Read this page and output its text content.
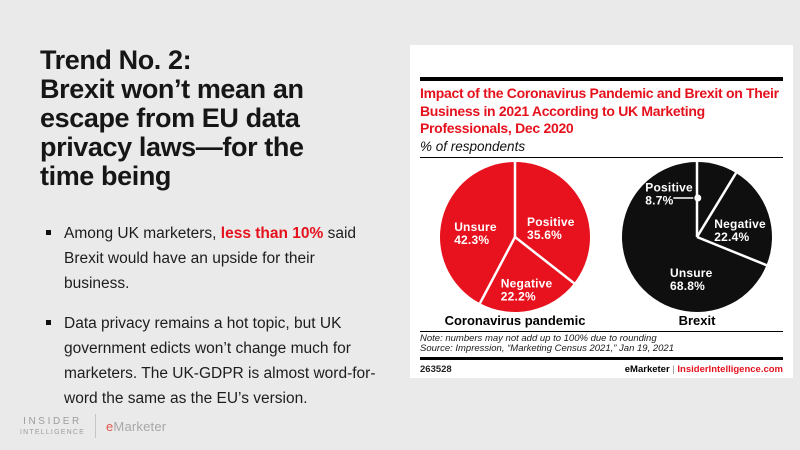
Trend No. 2:
Brexit won’t mean an
escape from EU data
privacy laws—for the
time being

Among UK marketers, less than 10% said Brexit would have an upside for their business.

Data privacy remains a hot topic, but UK government edicts won’t change much for marketers. The UK-GDPR is almost word-for-word the same as the EU’s version.

INSIDER
INTELLIGENCE eMarketer
Impact of the Coronavirus Pandemic and Brexit on Their Business in 2021 According to UK Marketing Professionals, Dec 2020
% of respondents
Positive 35.6%
Negative 22.2%
Unsure 42.3%
Coronavirus pandemic
Positive 8.7%
Negative 22.4%
Unsure 68.8%
Brexit

Note: numbers may not add up to 100% due to rounding

Source: Impression, “Marketing Census 2021,” Jan 19, 2021

263528	eMarketer | InsiderIntelligence.com
